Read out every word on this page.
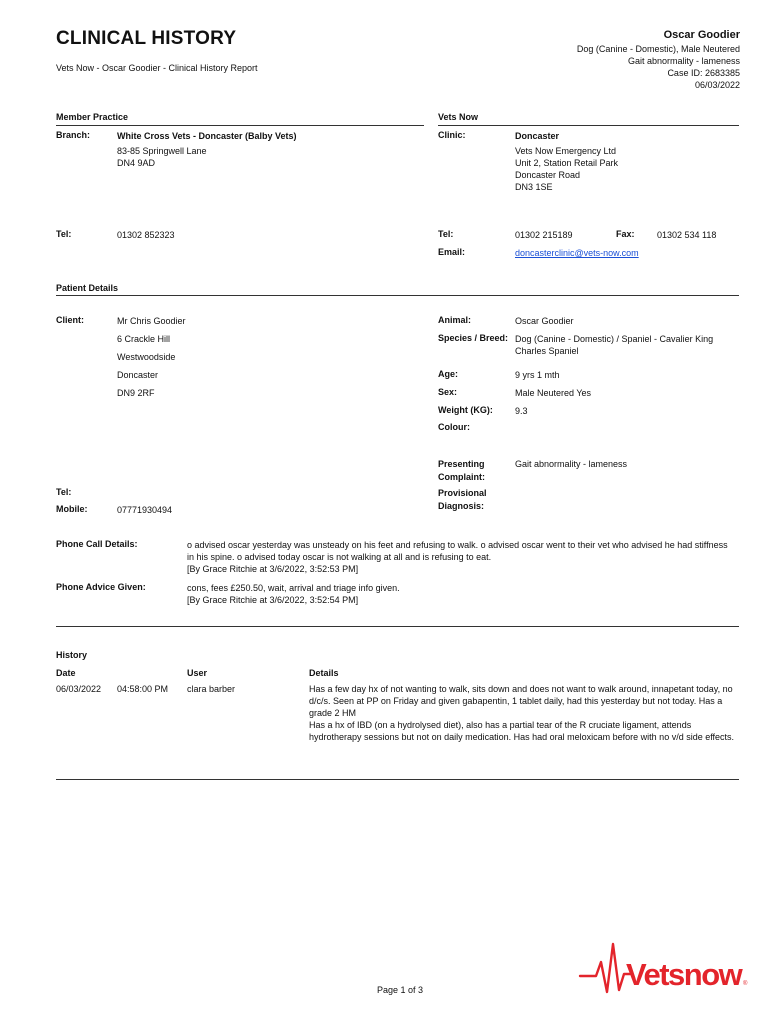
CLINICAL HISTORY
Vets Now - Oscar Goodier - Clinical History Report
Oscar Goodier
Dog (Canine - Domestic), Male Neutered
Gait abnormality - lameness
Case ID: 2683385
06/03/2022
Member Practice
Branch:	White Cross Vets - Doncaster (Balby Vets)
83-85 Springwell Lane
DN4 9AD
Tel:	01302 852323
Vets Now
Clinic:	Doncaster
Vets Now Emergency Ltd
Unit 2, Station Retail Park
Doncaster Road
DN3 1SE
Tel:	01302 215189	Fax: 01302 534 118
Email:	doncasterclinic@vets-now.com
Patient Details
Client:	Mr Chris Goodier
6 Crackle Hill
Westwoodside
Doncaster
DN9 2RF
Tel:
Mobile:	07771930494
Animal:	Oscar Goodier
Species / Breed: Dog (Canine - Domestic) / Spaniel - Cavalier King Charles Spaniel
Age:	9 yrs 1 mth
Sex:	Male Neutered Yes
Weight (KG): 9.3
Colour:
Presenting
Complaint:
Gait abnormality - lameness
Provisional
Diagnosis:
Phone Call Details:	o advised oscar yesterday was unsteady on his feet and refusing to walk. o advised oscar went to their vet who advised he had stiffness in his spine. o advised today oscar is not walking at all and is refusing to eat.
[By Grace Ritchie at 3/6/2022, 3:52:53 PM]
Phone Advice Given:	cons, fees £250.50, wait, arrival and triage info given.
[By Grace Ritchie at 3/6/2022, 3:52:54 PM]
History
Date	User	Details
06/03/2022 04:58:00 PM clara barber	Has a few day hx of not wanting to walk, sits down and does not want to walk around, innapetant today, no d/c/s. Seen at PP on Friday and given gabapentin, 1 tablet daily, had this yesterday but not today. Has a grade 2 HM
Has a hx of IBD (on a hydrolysed diet), also has a partial tear of the R cruciate ligament, attends hydrotherapy sessions but not on daily medication. Has had oral meloxicam before with no v/d side effects.
Page 1 of 3	Vetsnow ®
